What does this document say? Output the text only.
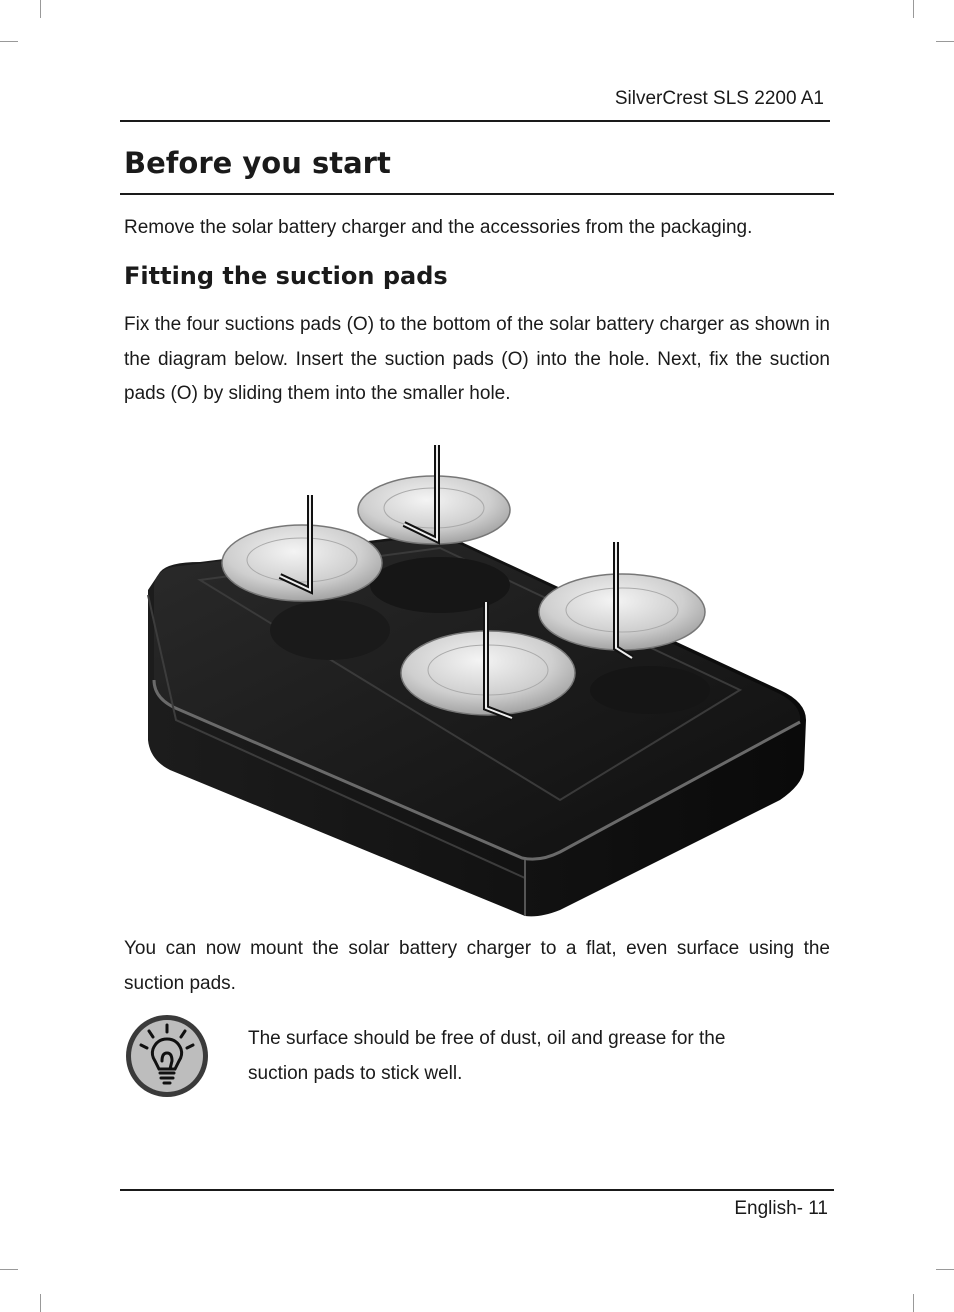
SilverCrest SLS 2200 A1
Before you start

Remove the solar battery charger and the accessories from the packaging.

Fitting the suction pads

Fix the four suctions pads (O) to the bottom of the solar battery charger as shown in the diagram below. Insert the suction pads (O) into the hole. Next, fix the suction pads (O) by sliding them into the smaller hole.

You can now mount the solar battery charger to a flat, even surface using the suction pads.

The surface should be free of dust, oil and grease for the suction pads to stick well.

English- 11
